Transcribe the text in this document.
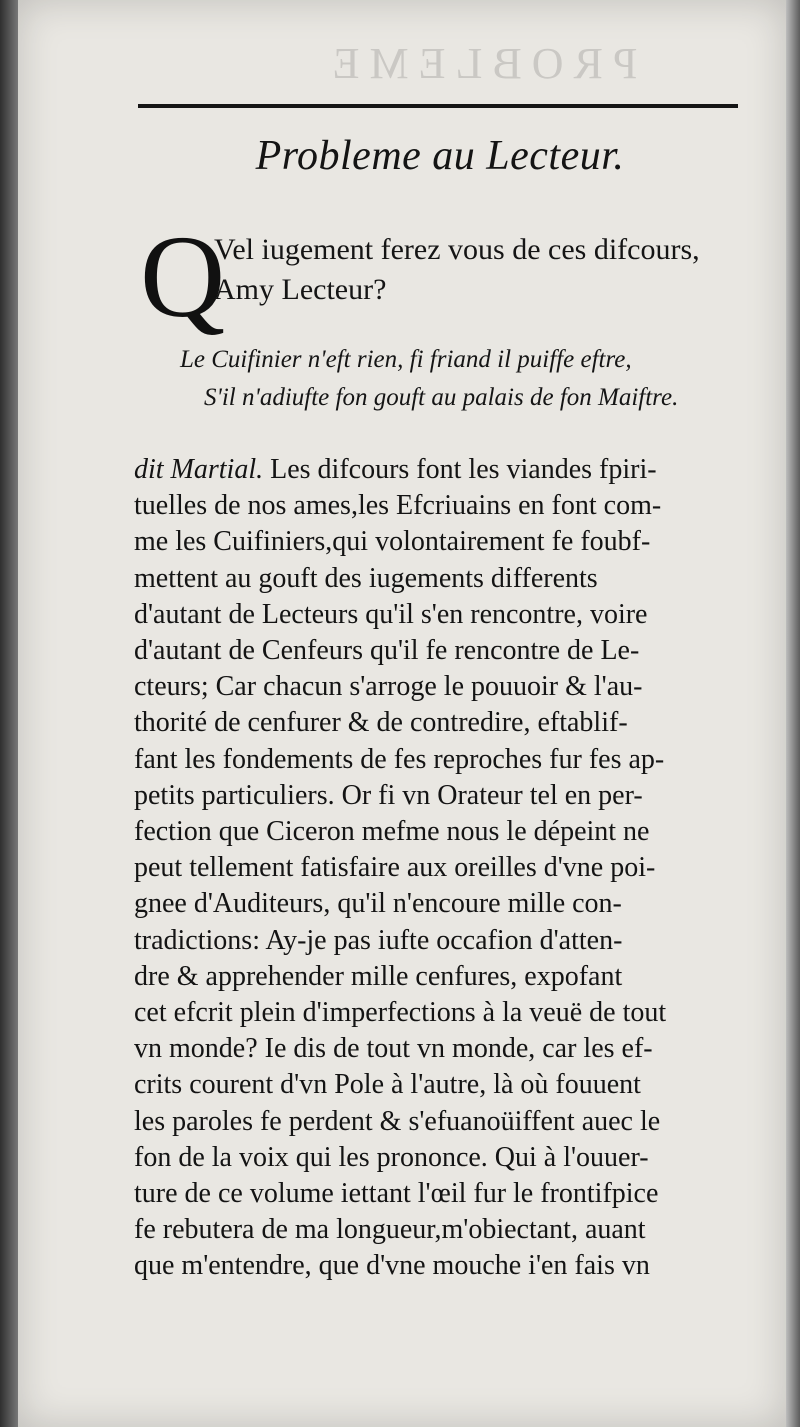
PROBLEME
Probleme au Lecteur.
Q
Vel iugement ferez vous de ces difcours,
Amy Lecteur?
Le Cuifinier n'eft rien, fi friand il puiffe eftre,
S'il n'adiufte fon gouft au palais de fon Maiftre.
dit Martial. Les difcours font les viandes fpiri-
tuelles de nos ames,les Efcriuains en font com-
me les Cuifiniers,qui volontairement fe foubf-
mettent au gouft des iugements differents
d'autant de Lecteurs qu'il s'en rencontre, voire
d'autant de Cenfeurs qu'il fe rencontre de Le-
cteurs; Car chacun s'arroge le pouuoir & l'au-
thorité de cenfurer & de contredire, eftablif-
fant les fondements de fes reproches fur fes ap-
petits particuliers. Or fi vn Orateur tel en per-
fection que Ciceron mefme nous le dépeint ne
peut tellement fatisfaire aux oreilles d'vne poi-
gnee d'Auditeurs, qu'il n'encoure mille con-
tradictions: Ay-je pas iufte occafion d'atten-
dre & apprehender mille cenfures, expofant
cet efcrit plein d'imperfections à la veuë de tout
vn monde? Ie dis de tout vn monde, car les ef-
crits courent d'vn Pole à l'autre, là où fouuent
les paroles fe perdent & s'efuanoüiffent auec le
fon de la voix qui les prononce. Qui à l'ouuer-
ture de ce volume iettant l'œil fur le frontifpice
fe rebutera de ma longueur,m'obiectant, auant
que m'entendre, que d'vne mouche i'en fais vn
